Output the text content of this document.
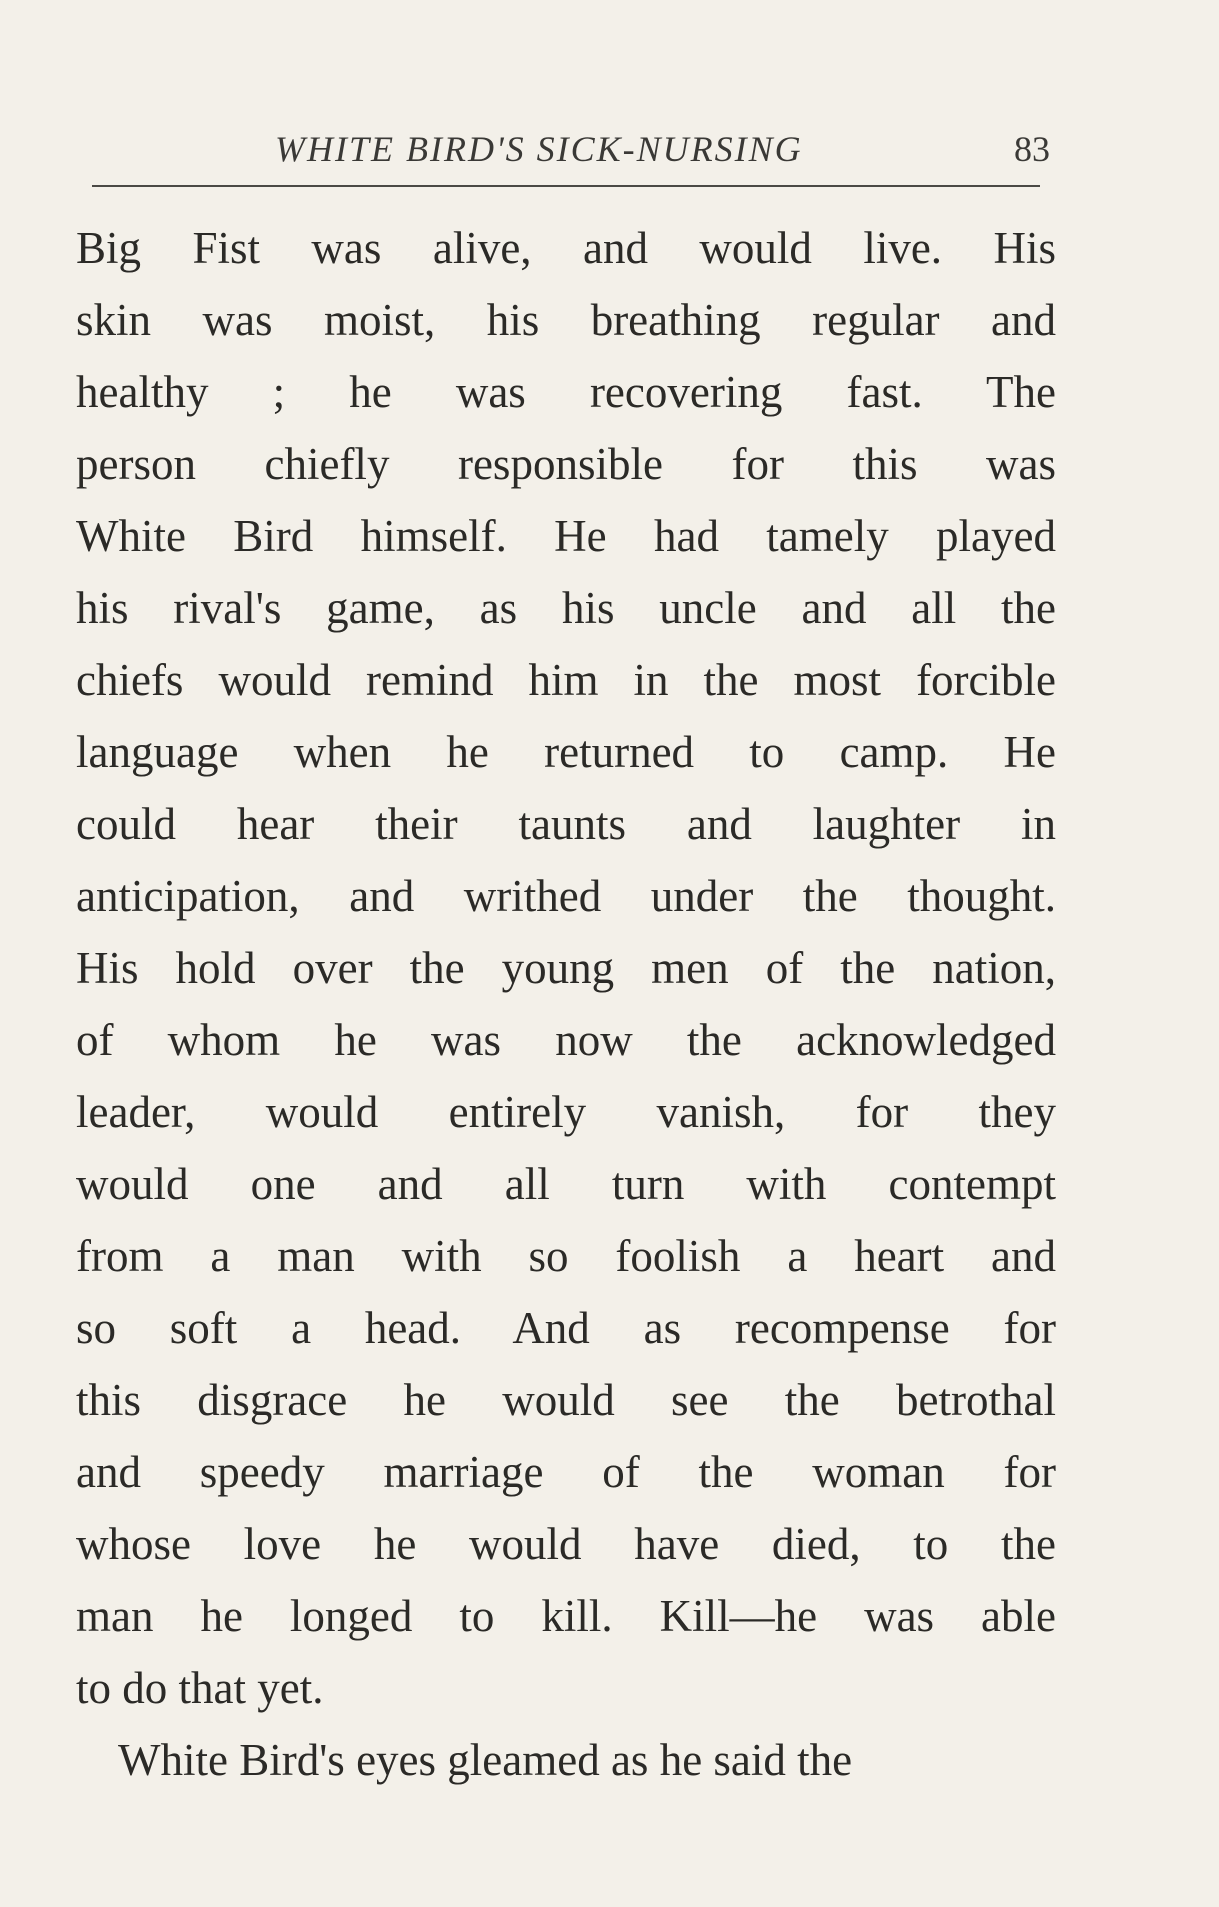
WHITE BIRD'S SICK-NURSING	83
Big Fist was alive, and would live. His
skin was moist, his breathing regular and
healthy ; he was recovering fast. The
person chiefly responsible for this was
White Bird himself. He had tamely played
his rival's game, as his uncle and all the
chiefs would remind him in the most forcible
language when he returned to camp. He
could hear their taunts and laughter in
anticipation, and writhed under the thought.
His hold over the young men of the nation,
of whom he was now the acknowledged
leader, would entirely vanish, for they
would one and all turn with contempt
from a man with so foolish a heart and
so soft a head. And as recompense for
this disgrace he would see the betrothal
and speedy marriage of the woman for
whose love he would have died, to the
man he longed to kill. Kill—he was able
to do that yet.
White Bird's eyes gleamed as he said the
